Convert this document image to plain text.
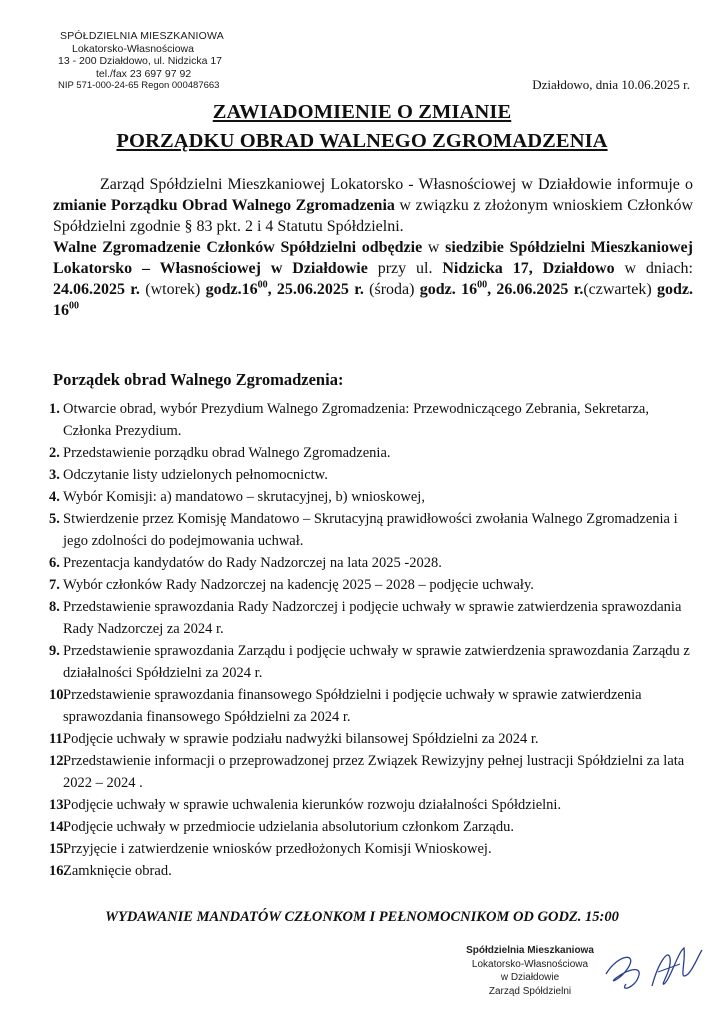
SPÓŁDZIELNIA MIESZKANIOWA
Lokatorsko-Własnościowa
13 - 200 Działdowo, ul. Nidzicka 17
tel./fax 23 697 97 92
NIP 571-000-24-65 Regon 000487663	Działdowo, dnia 10.06.2025 r.
ZAWIADOMIENIE O ZMIANIE
PORZĄDKU OBRAD WALNEGO ZGROMADZENIA

Zarząd Spółdzielni Mieszkaniowej Lokatorsko - Własnościowej w Działdowie informuje o zmianie Porządku Obrad Walnego Zgromadzenia w związku z złożonym wnioskiem Członków Spółdzielni zgodnie § 83 pkt. 2 i 4 Statutu Spółdzielni.

Walne Zgromadzenie Członków Spółdzielni odbędzie w siedzibie Spółdzielni Mieszkaniowej Lokatorsko – Własnościowej w Działdowie przy ul. Nidzicka 17, Działdowo w dniach: 24.06.2025 r. (wtorek) $godz.16^{00}$, 25.06.2025 r. (środa) godz. $16^{00}$, 26.06.2025 r.(czwartek) godz. $16^{00}$

Porządek obrad Walnego Zgromadzenia:
1. Otwarcie obrad, wybór Prezydium Walnego Zgromadzenia: Przewodniczącego Zebrania, Sekretarza, Członka Prezydium.
2. Przedstawienie porządku obrad Walnego Zgromadzenia.
3. Odczytanie listy udzielonych pełnomocnictw.
4. Wybór Komisji: a) mandatowo – skrutacyjnej, b) wnioskowej,
5. Stwierdzenie przez Komisję Mandatowo – Skrutacyjną prawidłowości zwołania Walnego Zgromadzenia i jego zdolności do podejmowania uchwał.
6. Prezentacja kandydatów do Rady Nadzorczej na lata 2025 -2028.
7. Wybór członków Rady Nadzorczej na kadencję 2025 – 2028 – podjęcie uchwały.
8. Przedstawienie sprawozdania Rady Nadzorczej i podjęcie uchwały w sprawie zatwierdzenia sprawozdania Rady Nadzorczej za 2024 r.
9. Przedstawienie sprawozdania Zarządu i podjęcie uchwały w sprawie zatwierdzenia sprawozdania Zarządu z działalności Spółdzielni za 2024 r.
10.
Przedstawienie sprawozdania finansowego Spółdzielni i podjęcie uchwały w sprawie zatwierdzenia sprawozdania finansowego Spółdzielni za 2024 r.
11.
Podjęcie uchwały w sprawie podziału nadwyżki bilansowej Spółdzielni za 2024 r.
12.
Przedstawienie informacji o przeprowadzonej przez Związek Rewizyjny pełnej lustracji Spółdzielni za lata 2022 – 2024 .
13.
Podjęcie uchwały w sprawie uchwalenia kierunków rozwoju działalności Spółdzielni.
14.
Podjęcie uchwały w przedmiocie udzielania absolutorium członkom Zarządu.
15.
Przyjęcie i zatwierdzenie wniosków przedłożonych Komisji Wnioskowej.
16.
Zamknięcie obrad.
WYDAWANIE MANDATÓW CZŁONKOM I PEŁNOMOCNIKOM OD GODZ. 15:00
Spółdzielnia Mieszkaniowa
Lokatorsko-Własnościowa
w Działdowie
Zarząd Spółdzielni
